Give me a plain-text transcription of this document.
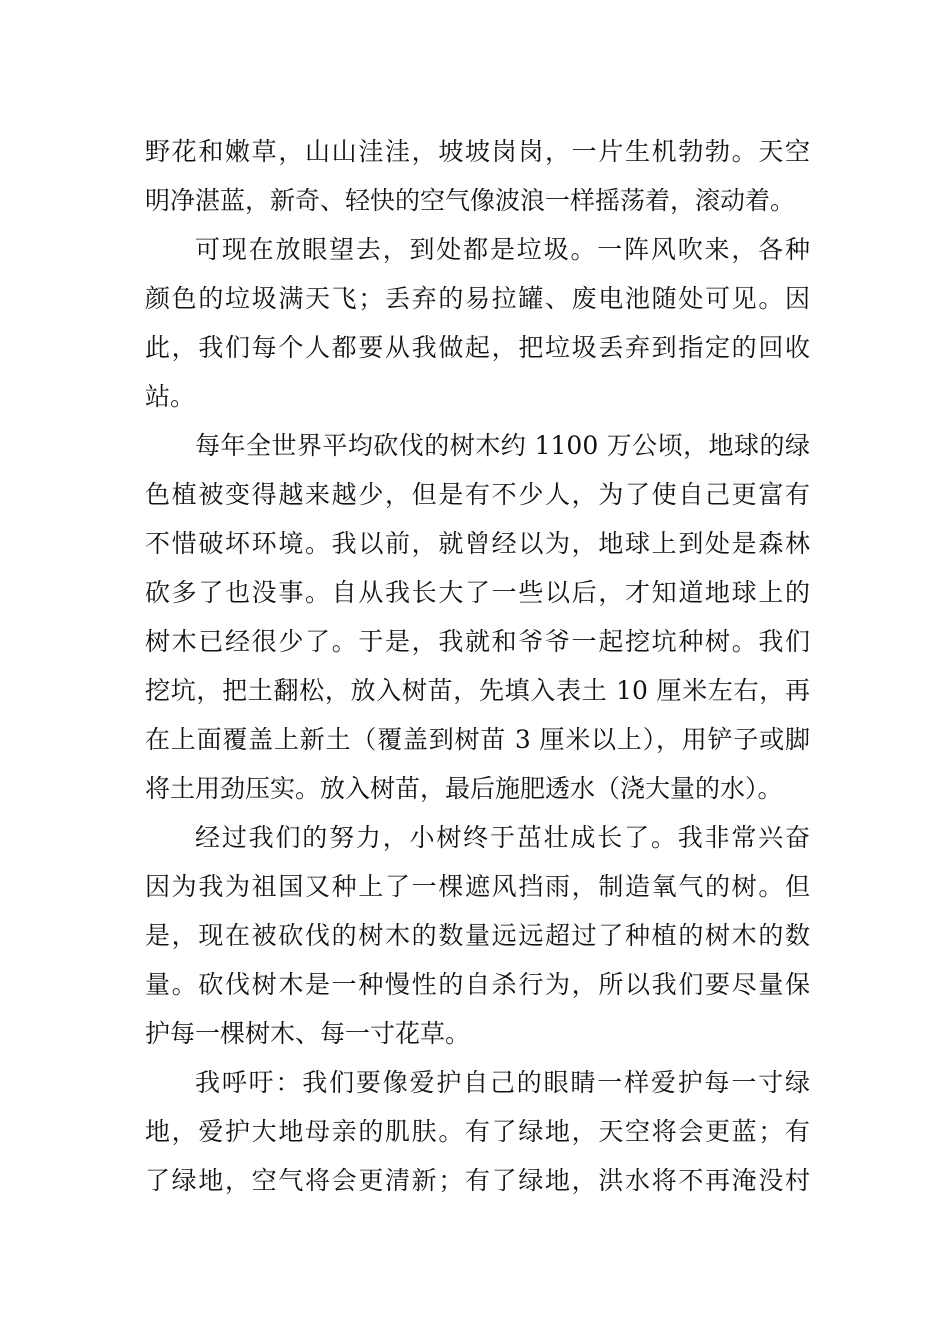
野花和嫩草，山山洼洼，坡坡岗岗，一片生机勃勃。天空
明净湛蓝，新奇、轻快的空气像波浪一样摇荡着，滚动着。
可现在放眼望去，到处都是垃圾。一阵风吹来，各种
颜色的垃圾满天飞；丢弃的易拉罐、废电池随处可见。因
此，我们每个人都要从我做起，把垃圾丢弃到指定的回收
站。
每年全世界平均砍伐的树木约 1100 万公顷，地球的绿
色植被变得越来越少，但是有不少人，为了使自己更富有
不惜破坏环境。我以前，就曾经以为，地球上到处是森林
砍多了也没事。自从我长大了一些以后，才知道地球上的
树木已经很少了。于是，我就和爷爷一起挖坑种树。我们
挖坑，把土翻松，放入树苗，先填入表土 10 厘米左右，再
在上面覆盖上新土（覆盖到树苗 3 厘米以上），用铲子或脚
将土用劲压实。放入树苗，最后施肥透水（浇大量的水）。
经过我们的努力，小树终于茁壮成长了。我非常兴奋
因为我为祖国又种上了一棵遮风挡雨，制造氧气的树。但
是，现在被砍伐的树木的数量远远超过了种植的树木的数
量。砍伐树木是一种慢性的自杀行为，所以我们要尽量保
护每一棵树木、每一寸花草。
我呼吁：我们要像爱护自己的眼睛一样爱护每一寸绿
地，爱护大地母亲的肌肤。有了绿地，天空将会更蓝；有
了绿地，空气将会更清新；有了绿地，洪水将不再淹没村
